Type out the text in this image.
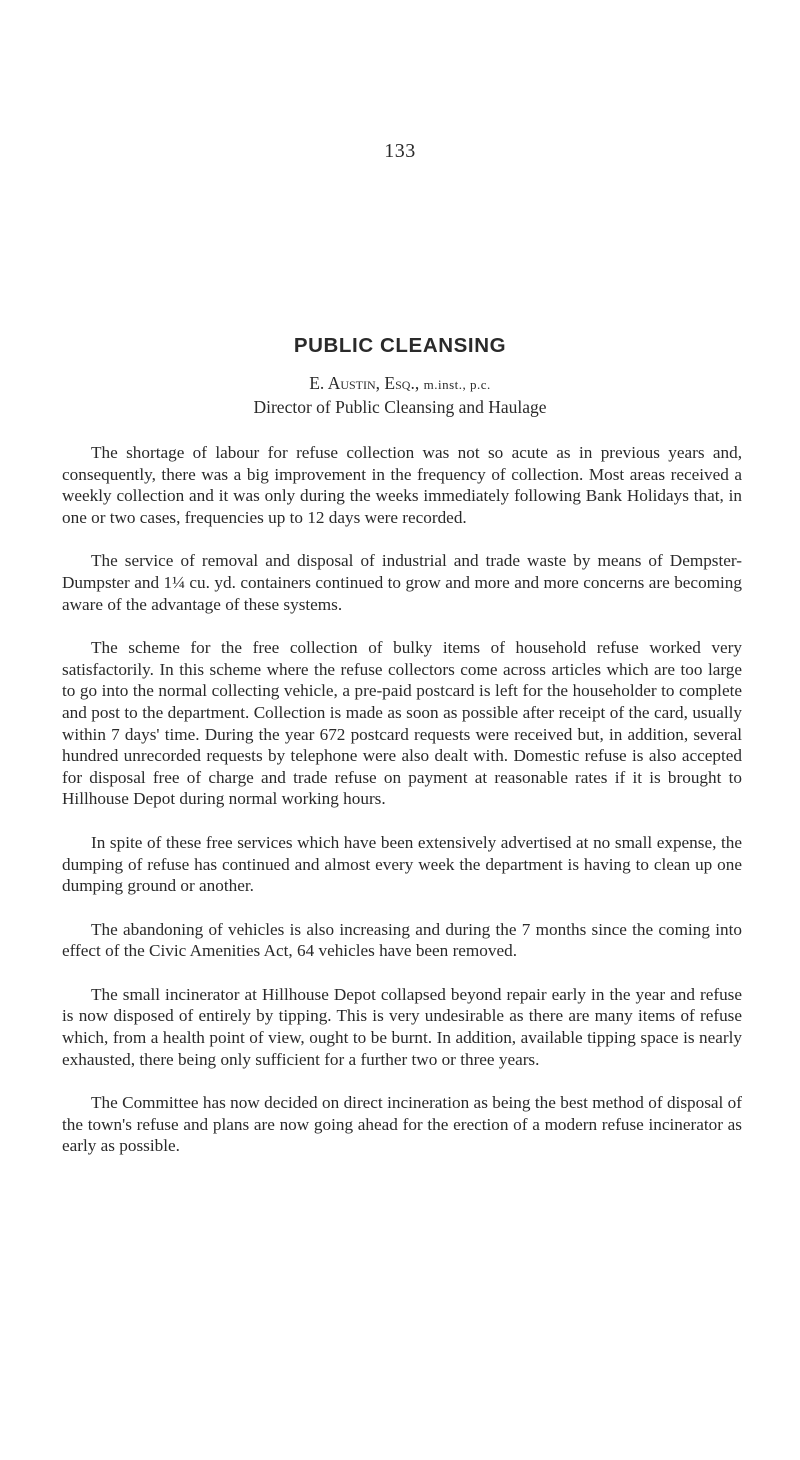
133
PUBLIC CLEANSING
E. Austin, Esq., m.inst., p.c.
Director of Public Cleansing and Haulage

The shortage of labour for refuse collection was not so acute as in previous years and, consequently, there was a big improvement in the frequency of collection. Most areas received a weekly collection and it was only during the weeks immediately following Bank Holidays that, in one or two cases, frequencies up to 12 days were recorded.

The service of removal and disposal of industrial and trade waste by means of Dempster-Dumpster and 1¼ cu. yd. containers continued to grow and more and more concerns are becoming aware of the advantage of these systems.

The scheme for the free collection of bulky items of household refuse worked very satisfactorily. In this scheme where the refuse collectors come across articles which are too large to go into the normal collecting vehicle, a pre-paid postcard is left for the householder to complete and post to the department. Collection is made as soon as possible after receipt of the card, usually within 7 days' time. During the year 672 postcard requests were received but, in addition, several hundred unrecorded requests by telephone were also dealt with. Domestic refuse is also accepted for disposal free of charge and trade refuse on payment at reasonable rates if it is brought to Hillhouse Depot during normal working hours.

In spite of these free services which have been extensively advertised at no small expense, the dumping of refuse has continued and almost every week the department is having to clean up one dumping ground or another.

The abandoning of vehicles is also increasing and during the 7 months since the coming into effect of the Civic Amenities Act, 64 vehicles have been removed.

The small incinerator at Hillhouse Depot collapsed beyond repair early in the year and refuse is now disposed of entirely by tipping. This is very undesirable as there are many items of refuse which, from a health point of view, ought to be burnt. In addition, available tipping space is nearly exhausted, there being only sufficient for a further two or three years.

The Committee has now decided on direct incineration as being the best method of disposal of the town's refuse and plans are now going ahead for the erection of a modern refuse incinerator as early as possible.
